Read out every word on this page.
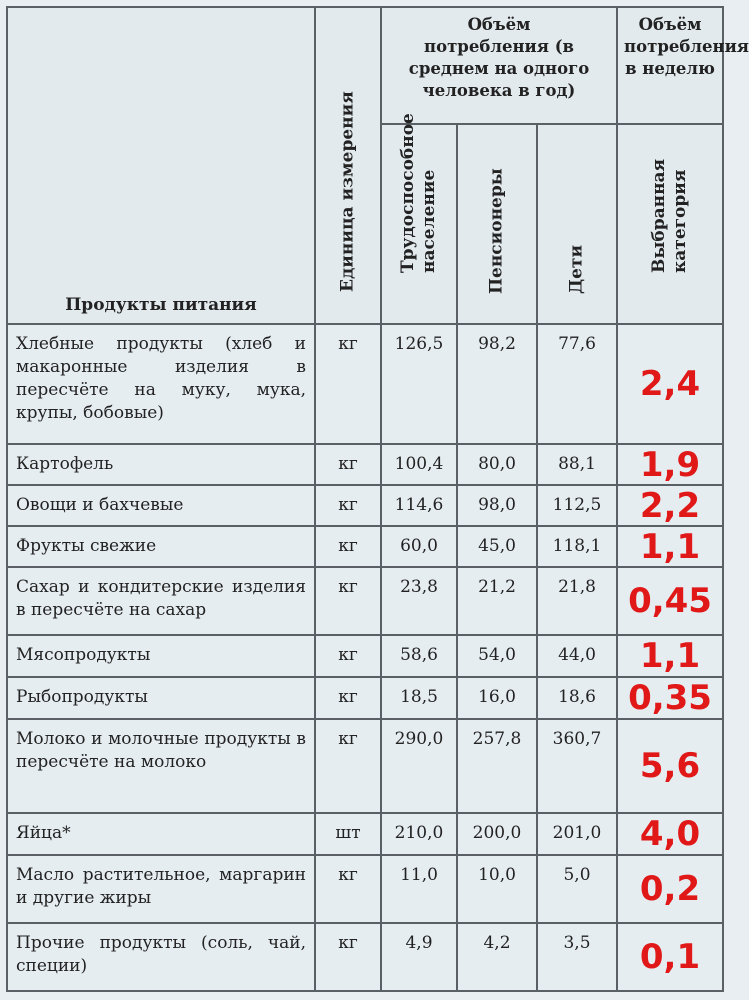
Продукты питания	Единица измерения	Объём потребления (в среднем на одного человека в год)			Объём потребления в неделю

		Трудоспособное население	Пенсионеры	Дети	Выбранная категория

Хлебные продукты (хлеб и макаронные изделия в пересчёте на муку, мука, крупы, бобовые)	кг	126,5	98,2	77,6	2,4
Картофель	кг	100,4	80,0	88,1	1,9
Овощи и бахчевые	кг	114,6	98,0	112,5	2,2
Фрукты свежие	кг	60,0	45,0	118,1	1,1
Сахар и кондитерские изделия в пересчёте на сахар	кг	23,8	21,2	21,8	0,45
Мясопродукты	кг	58,6	54,0	44,0	1,1
Рыбопродукты	кг	18,5	16,0	18,6	0,35
Молоко и молочные продукты в пересчёте на молоко	кг	290,0	257,8	360,7	5,6
Яйца*	шт	210,0	200,0	201,0	4,0
Масло растительное, маргарин и другие жиры	кг	11,0	10,0	5,0	0,2
Прочие продукты (соль, чай, специи)	кг	4,9	4,2	3,5	0,1
